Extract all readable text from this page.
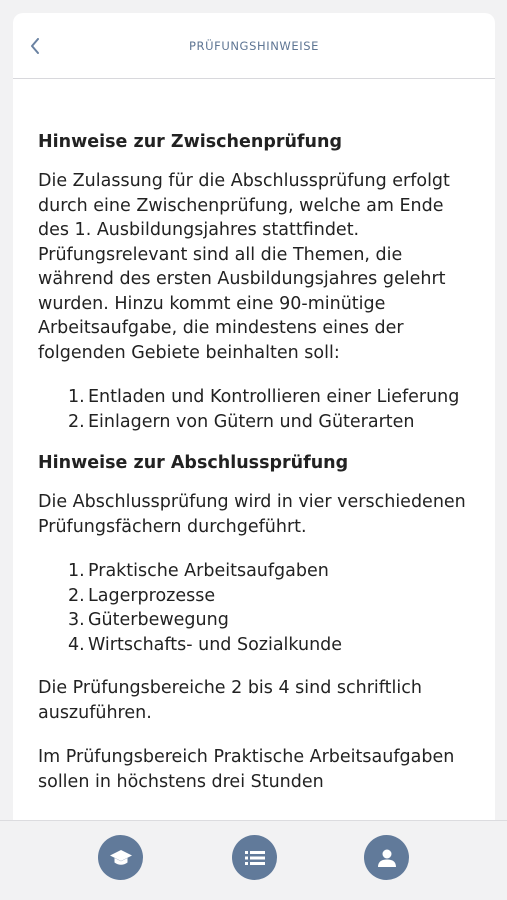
PRÜFUNGSHINWEISE
Hinweise zur Zwischenprüfung

Die Zulassung für die Abschlussprüfung erfolgt durch eine Zwischenprüfung, welche am Ende des 1. Ausbildungsjahres stattfindet. Prüfungsrelevant sind all die Themen, die während des ersten Ausbildungsjahres gelehrt wurden. Hinzu kommt eine 90-minütige Arbeitsaufgabe, die mindestens eines der folgenden Gebiete beinhalten soll:

1. Entladen und Kontrollieren einer Lieferung
2. Einlagern von Gütern und Güterarten
Hinweise zur Abschlussprüfung

Die Abschlussprüfung wird in vier verschiedenen Prüfungsfächern durchgeführt.

1. Praktische Arbeitsaufgaben
2. Lagerprozesse
3. Güterbewegung
4. Wirtschafts- und Sozialkunde

Die Prüfungsbereiche 2 bis 4 sind schriftlich auszuführen.

Im Prüfungsbereich Praktische Arbeitsaufgaben sollen in höchstens drei Stunden
